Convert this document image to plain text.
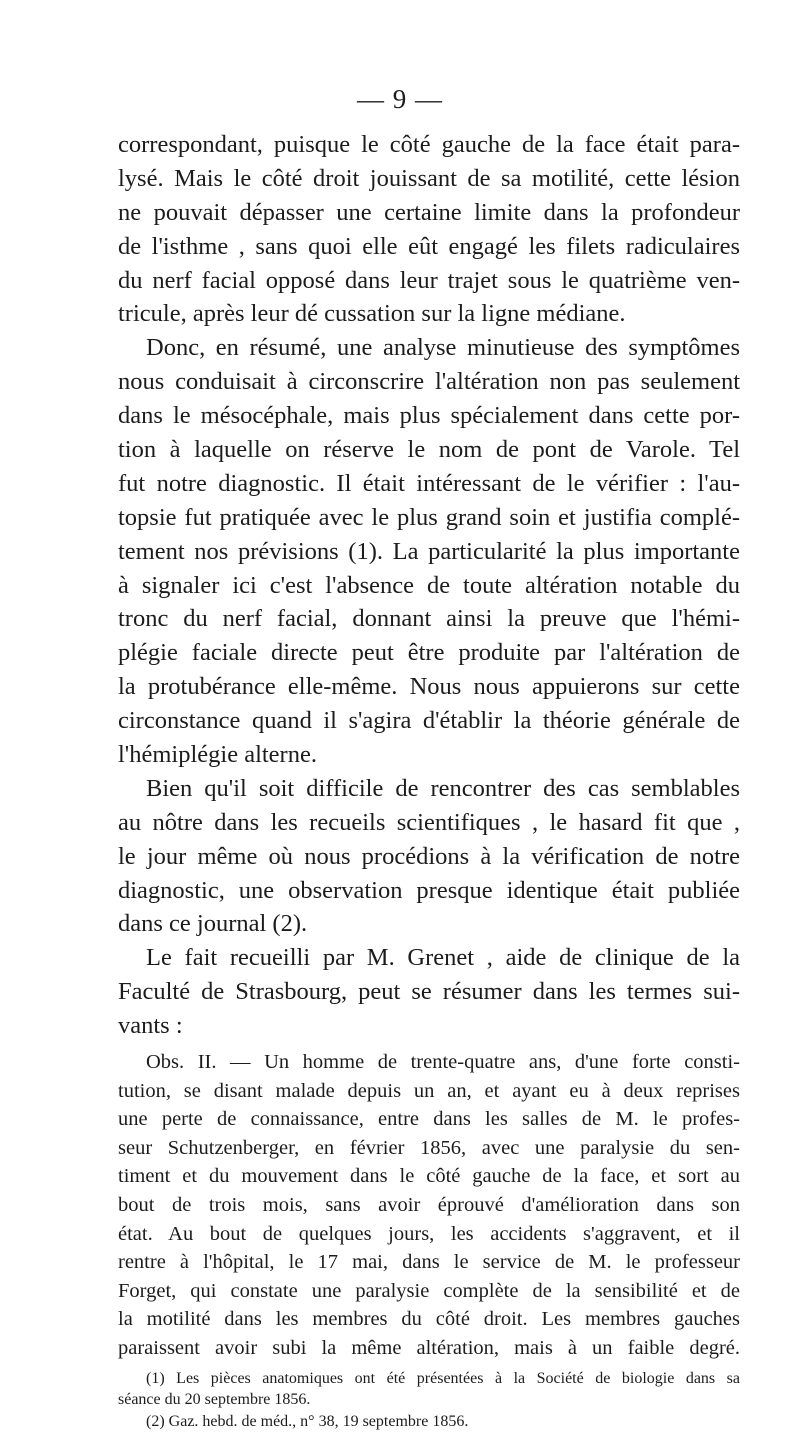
— 9 —
correspondant, puisque le côté gauche de la face était para-
lysé. Mais le côté droit jouissant de sa motilité, cette lésion
ne pouvait dépasser une certaine limite dans la profondeur
de l'isthme , sans quoi elle eût engagé les filets radiculaires
du nerf facial opposé dans leur trajet sous le quatrième ven-
tricule, après leur dé cussation sur la ligne médiane.
Donc, en résumé, une analyse minutieuse des symptômes
nous conduisait à circonscrire l'altération non pas seulement
dans le mésocéphale, mais plus spécialement dans cette por-
tion à laquelle on réserve le nom de pont de Varole. Tel
fut notre diagnostic. Il était intéressant de le vérifier : l'au-
topsie fut pratiquée avec le plus grand soin et justifia complé-
tement nos prévisions (1). La particularité la plus importante
à signaler ici c'est l'absence de toute altération notable du
tronc du nerf facial, donnant ainsi la preuve que l'hémi-
plégie faciale directe peut être produite par l'altération de
la protubérance elle-même. Nous nous appuierons sur cette
circonstance quand il s'agira d'établir la théorie générale de
l'hémiplégie alterne.
Bien qu'il soit difficile de rencontrer des cas semblables
au nôtre dans les recueils scientifiques , le hasard fit que ,
le jour même où nous procédions à la vérification de notre
diagnostic, une observation presque identique était publiée
dans ce journal (2).
Le fait recueilli par M. Grenet , aide de clinique de la
Faculté de Strasbourg, peut se résumer dans les termes sui-
vants :
Obs. II. — Un homme de trente-quatre ans, d'une forte consti-
tution, se disant malade depuis un an, et ayant eu à deux reprises
une perte de connaissance, entre dans les salles de M. le profes-
seur Schutzenberger, en février 1856, avec une paralysie du sen-
timent et du mouvement dans le côté gauche de la face, et sort au
bout de trois mois, sans avoir éprouvé d'amélioration dans son
état. Au bout de quelques jours, les accidents s'aggravent, et il
rentre à l'hôpital, le 17 mai, dans le service de M. le professeur
Forget, qui constate une paralysie complète de la sensibilité et de
la motilité dans les membres du côté droit. Les membres gauches
paraissent avoir subi la même altération, mais à un faible degré.
(1) Les pièces anatomiques ont été présentées à la Société de biologie dans sa
séance du 20 septembre 1856.
(2) Gaz. hebd. de méd., n° 38, 19 septembre 1856.
